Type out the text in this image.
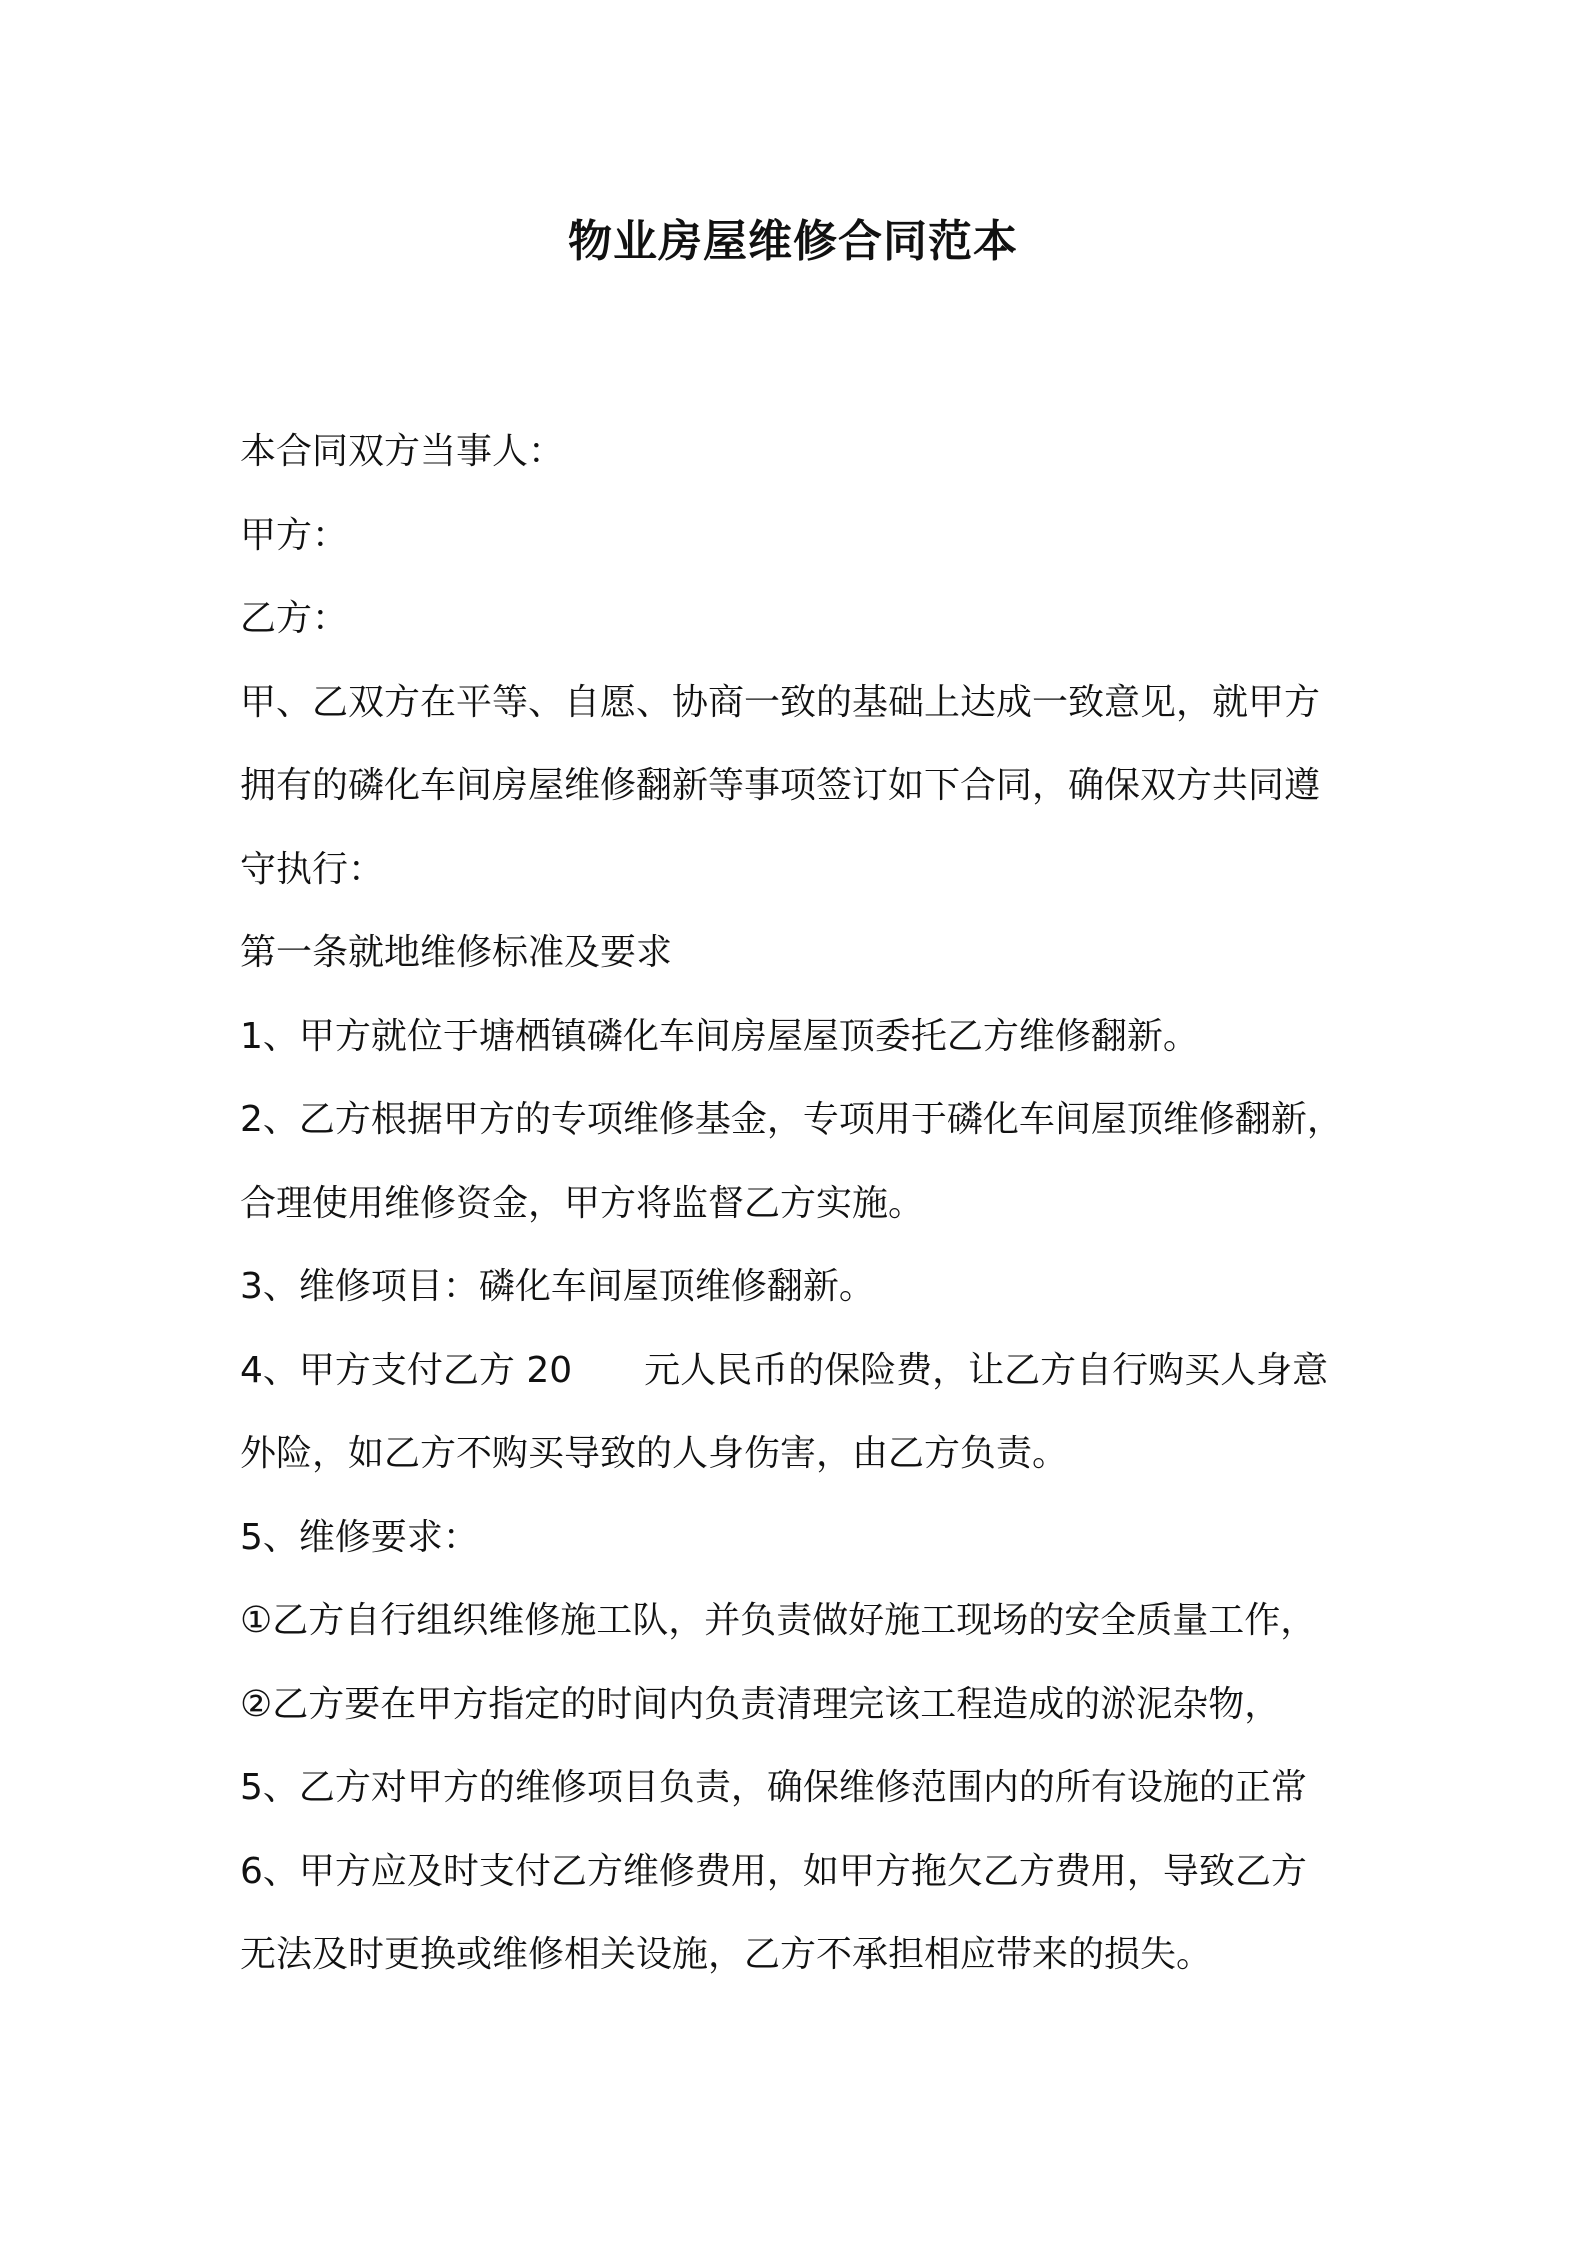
物业房屋维修合同范本
本合同双方当事人：
甲方：
乙方：
甲、乙双方在平等、自愿、协商一致的基础上达成一致意见，就甲方
拥有的磷化车间房屋维修翻新等事项签订如下合同，确保双方共同遵
守执行：
第一条就地维修标准及要求
1、甲方就位于塘栖镇磷化车间房屋屋顶委托乙方维修翻新。
2、乙方根据甲方的专项维修基金，专项用于磷化车间屋顶维修翻新，
合理使用维修资金，甲方将监督乙方实施。
3、维修项目：磷化车间屋顶维修翻新。
4、甲方支付乙方 20 元人民币的保险费，让乙方自行购买人身意
外险，如乙方不购买导致的人身伤害，由乙方负责。
5、维修要求：
①乙方自行组织维修施工队，并负责做好施工现场的安全质量工作，
②乙方要在甲方指定的时间内负责清理完该工程造成的淤泥杂物，
5、乙方对甲方的维修项目负责，确保维修范围内的所有设施的正常
6、甲方应及时支付乙方维修费用，如甲方拖欠乙方费用，导致乙方
无法及时更换或维修相关设施，乙方不承担相应带来的损失。
